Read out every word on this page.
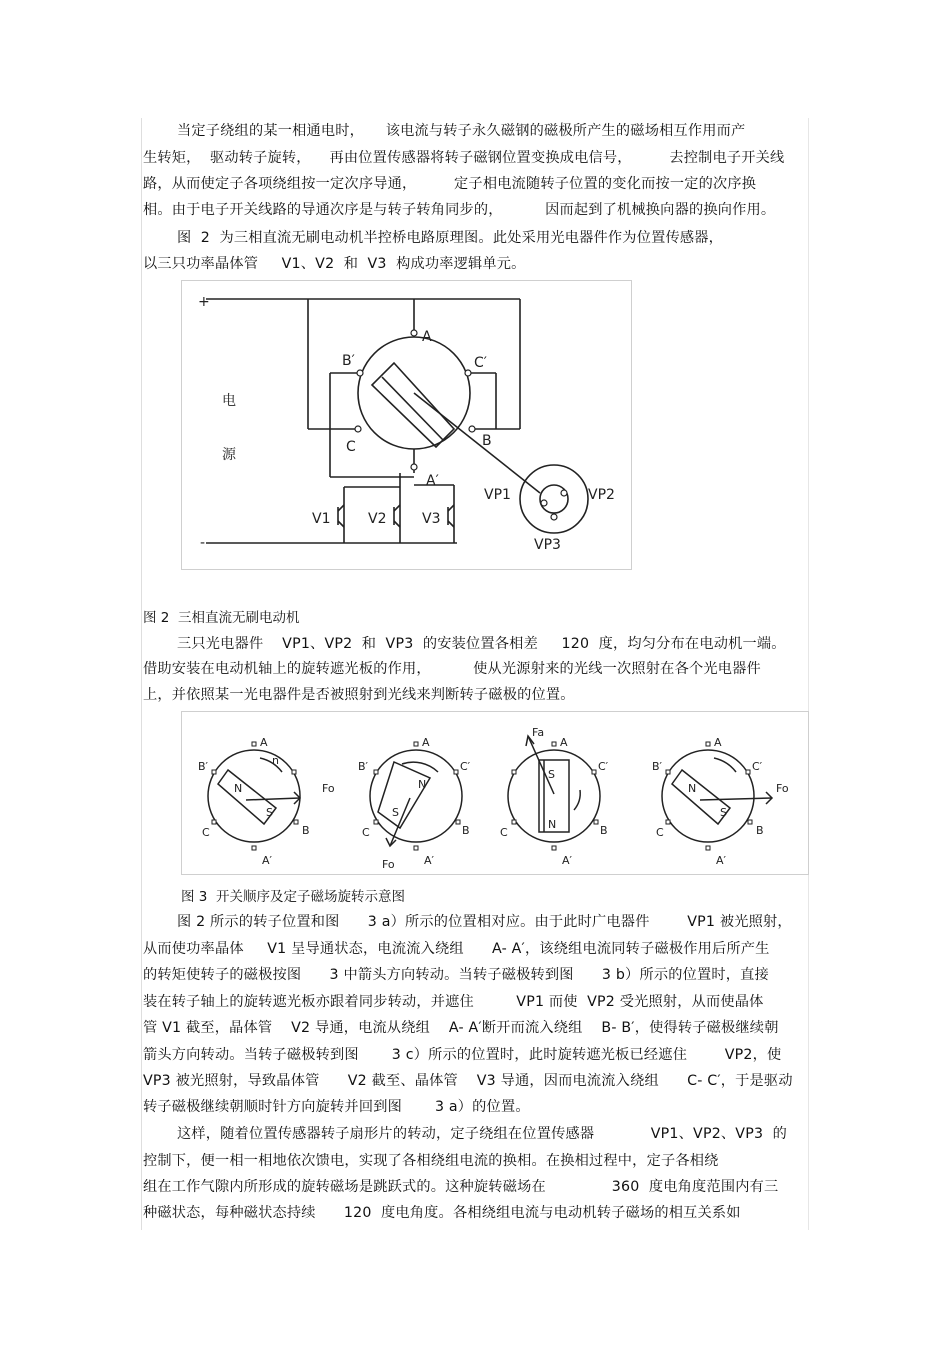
当定子绕组的某一相通电时，　　该电流与转子永久磁钢的磁极所产生的磁场相互作用而产
生转矩，  驱动转子旋转，    再由位置传感器将转子磁钢位置变换成电信号，        去控制电子开关线
路，从而使定子各项绕组按一定次序导通，        定子相电流随转子位置的变化而按一定的次序换
相。由于电子开关线路的导通次序是与转子转角同步的，         因而起到了机械换向器的换向作用。
图  2  为三相直流无刷电动机半控桥电路原理图。此处采用光电器件作为位置传感器，
以三只功率晶体管     V1、V2  和  V3  构成功率逻辑单元。
+
-
电
源
A
B′	C′
C	B
A′
V1	V2	V3
VP1	VP2
VP3
图 2  三相直流无刷电动机
三只光电器件    VP1、VP2  和  VP3  的安装位置各相差     120  度，均匀分布在电动机一端。
借助安装在电动机轴上的旋转遮光板的作用，         使从光源射来的光线一次照射在各个光电器件
上，并依照某一光电器件是否被照射到光线来判断转子磁极的位置。
A
B′
C	B
A′
N
S
n
Fo
A
B′	C′
C	B
A′
N
S
Fo
A
C′
C	B
A′
S
N
Fa
A
B′	C′
C	B
A′
N
S
Fo
图 3  开关顺序及定子磁场旋转示意图
图 2 所示的转子位置和图      3 a）所示的位置相对应。由于此时广电器件        VP1 被光照射，
从而使功率晶体     V1 呈导通状态，电流流入绕组      A- A′，该绕组电流同转子磁极作用后所产生
的转矩使转子的磁极按图      3 中箭头方向转动。当转子磁极转到图      3 b）所示的位置时，直接
装在转子轴上的旋转遮光板亦跟着同步转动，并遮住         VP1 而使  VP2 受光照射，从而使晶体
管 V1 截至，晶体管    V2 导通，电流从绕组    A- A′断开而流入绕组    B- B′，使得转子磁极继续朝
箭头方向转动。当转子磁极转到图       3 c）所示的位置时，此时旋转遮光板已经遮住        VP2，使
VP3 被光照射，导致晶体管      V2 截至、晶体管    V3 导通，因而电流流入绕组      C- C′，于是驱动
转子磁极继续朝顺时针方向旋转并回到图       3 a）的位置。
这样，随着位置传感器转子扇形片的转动，定子绕组在位置传感器            VP1、VP2、VP3  的
控制下，便一相一相地依次馈电，实现了各相绕组电流的换相。在换相过程中，定子各相绕
组在工作气隙内所形成的旋转磁场是跳跃式的。这种旋转磁场在              360  度电角度范围内有三
种磁状态，每种磁状态持续      120  度电角度。各相绕组电流与电动机转子磁场的相互关系如
